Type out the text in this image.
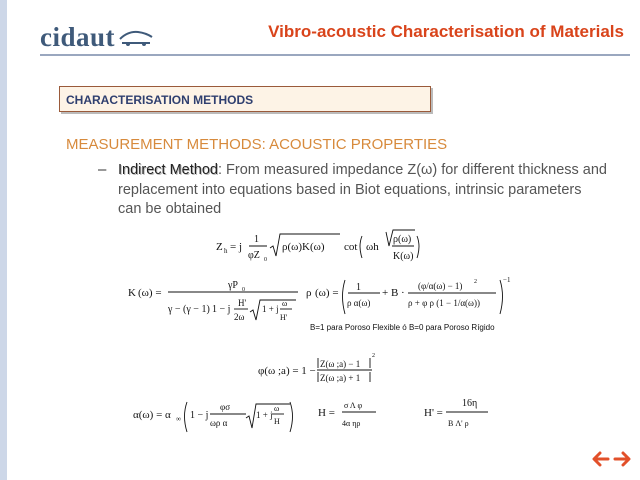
cidaut	Vibro-acoustic Characterisation of Materials
CHARACTERISATION METHODS
MEASUREMENT METHODS: ACOUSTIC PROPERTIES
– Indirect Method: From measured impedance Z(ω) for different thickness and replacement into equations based in Biot equations, intrinsic parameters can be obtained
Z h = j
1
φZ 0
ρ(ω)K(ω) cot ωh
ρ(ω)
K(ω)
K (ω) =
γP 0
γ − (γ − 1) 1 − j
H'
2ω
1 + j
ω
H'
ρ (ω) = 1
ρ α(ω)
+ B ·
(φ/α(ω) − 1) 2
ρ + φ ρ (1 − 1/α(ω))
−1
B=1 para Poroso Flexible ó B=0 para Poroso Rígido
φ(ω ;a) = 1 −
Z(ω ;a) − 1
Z(ω ;a) + 1
2
α(ω) = α ∞ 1 − j
φσ
ωρ α
1 + j
ω
H
H =
σ Λ φ
4α ηρ
H' =
16η
B Λ' ρ
